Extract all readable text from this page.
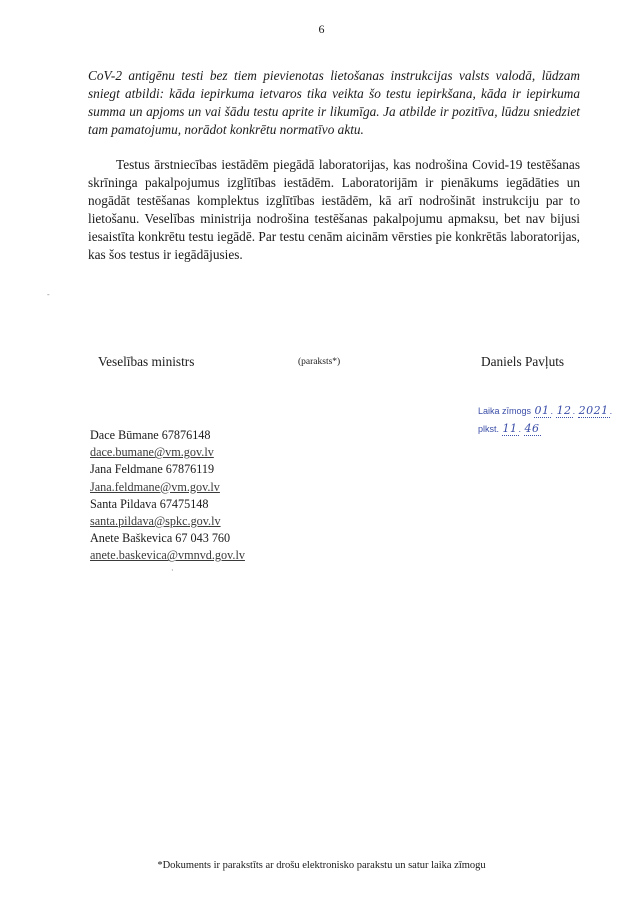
6

CoV-2 antigēnu testi bez tiem pievienotas lietošanas instrukcijas valsts valodā, lūdzam sniegt atbildi: kāda iepirkuma ietvaros tika veikta šo testu iepirkšana, kāda ir iepirkuma summa un apjoms un vai šādu testu aprite ir likumīga. Ja atbilde ir pozitīva, lūdzu sniedziet tam pamatojumu, norādot konkrētu normatīvo aktu.

Testus ārstniecības iestādēm piegādā laboratorijas, kas nodrošina Covid-19 testēšanas skrīninga pakalpojumus izglītības iestādēm. Laboratorijām ir pienākums iegādāties un nogādāt testēšanas komplektus izglītības iestādēm, kā arī nodrošināt instrukciju par to lietošanu. Veselības ministrija nodrošina testēšanas pakalpojumu apmaksu, bet nav bijusi iesaistīta konkrētu testu iegādē. Par testu cenām aicinām vērsties pie konkrētās laboratorijas, kas šos testus ir iegādājusies.

-
Veselības ministrs	(paraksts*)	Daniels Pavļuts
Laika zīmogs 01. 12. 2021.
plkst. 11. 46
Dace Būmane 67876148
dace.bumane@vm.gov.lv
Jana Feldmane 67876119
Jana.feldmane@vm.gov.lv
Santa Pildava 67475148
santa.pildava@spkc.gov.lv
Anete Baškevica 67 043 760
anete.baskevica@vmnvd.gov.lv
·
*Dokuments ir parakstīts ar drošu elektronisko parakstu un satur laika zīmogu
